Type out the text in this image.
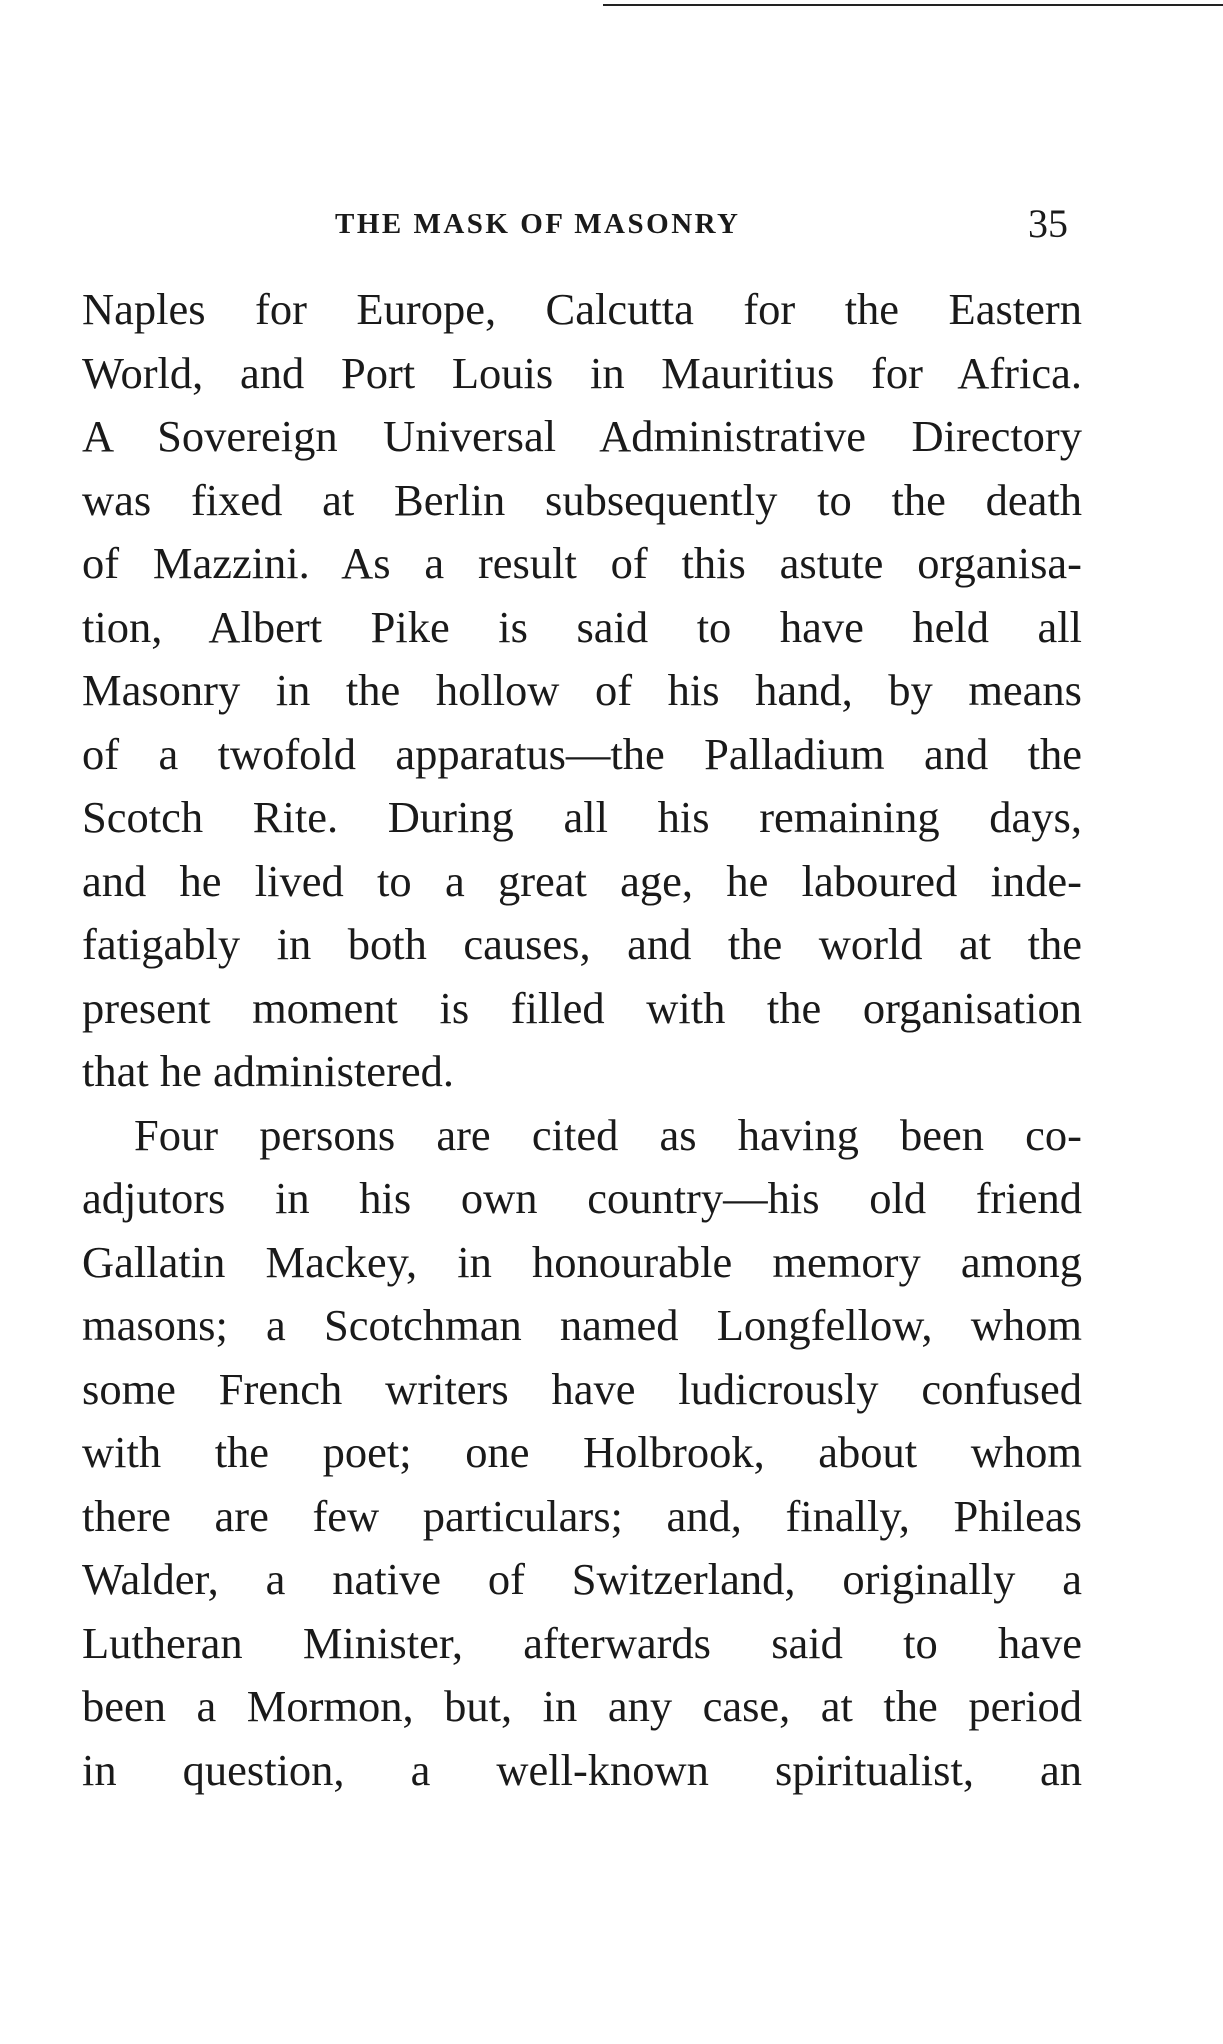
THE MASK OF MASONRY	35

Naples for Europe, Calcutta for the Eastern
World, and Port Louis in Mauritius for Africa.
A Sovereign Universal Administrative Directory
was fixed at Berlin subsequently to the death
of Mazzini. As a result of this astute organisa-
tion, Albert Pike is said to have held all
Masonry in the hollow of his hand, by means
of a twofold apparatus—the Palladium and the
Scotch Rite. During all his remaining days,
and he lived to a great age, he laboured inde-
fatigably in both causes, and the world at the
present moment is filled with the organisation
that he administered.

Four persons are cited as having been co-
adjutors in his own country—his old friend
Gallatin Mackey, in honourable memory among
masons; a Scotchman named Longfellow, whom
some French writers have ludicrously confused
with the poet; one Holbrook, about whom
there are few particulars; and, finally, Phileas
Walder, a native of Switzerland, originally a
Lutheran Minister, afterwards said to have
been a Mormon, but, in any case, at the period
in question, a well-known spiritualist, an
